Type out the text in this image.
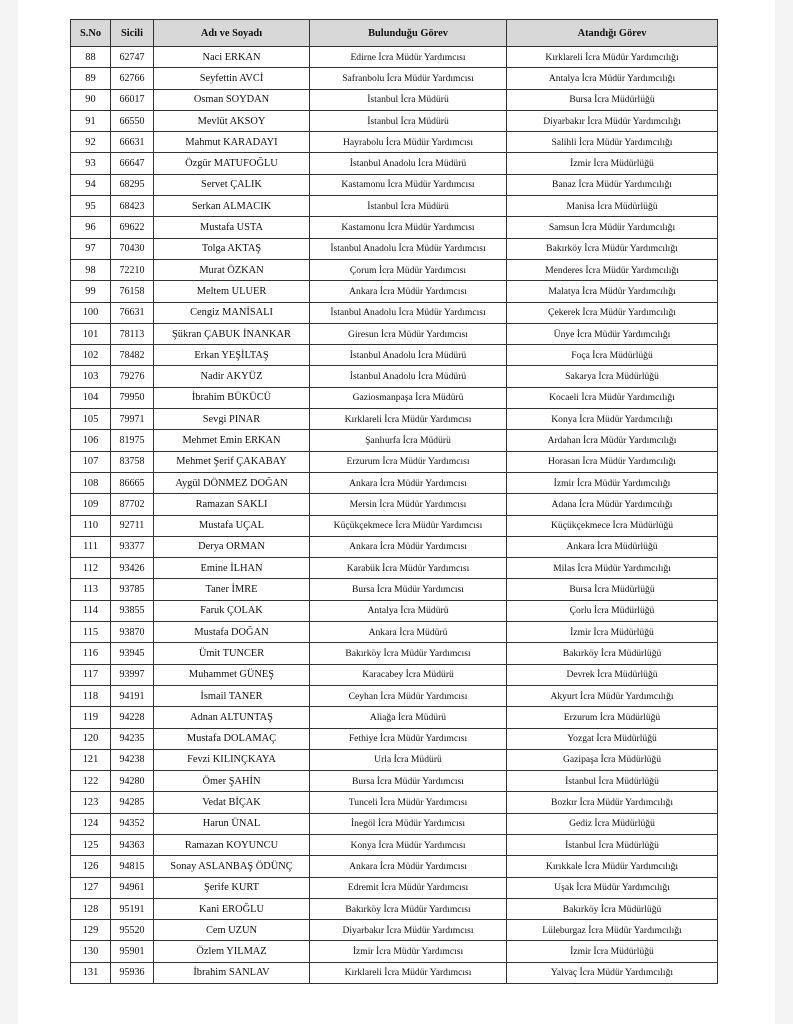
S.No	Sicili	Adı ve Soyadı	Bulunduğu Görev	Atandığı Görev
88	62747	Naci ERKAN	Edirne İcra Müdür Yardımcısı	Kırklareli İcra Müdür Yardımcılığı
89	62766	Seyfettin AVCİ	Safranbolu İcra Müdür Yardımcısı	Antalya İcra Müdür Yardımcılığı
90	66017	Osman SOYDAN	İstanbul İcra Müdürü	Bursa İcra Müdürlüğü
91	66550	Mevlüt AKSOY	İstanbul İcra Müdürü	Diyarbakır İcra Müdür Yardımcılığı
92	66631	Mahmut KARADAYI	Hayrabolu İcra Müdür Yardımcısı	Salihli İcra Müdür Yardımcılığı
93	66647	Özgür MATUFOĞLU	İstanbul Anadolu İcra Müdürü	İzmir İcra Müdürlüğü
94	68295	Servet ÇALIK	Kastamonu İcra Müdür Yardımcısı	Banaz İcra Müdür Yardımcılığı
95	68423	Serkan ALMACIK	İstanbul İcra Müdürü	Manisa İcra Müdürlüğü
96	69622	Mustafa USTA	Kastamonu İcra Müdür Yardımcısı	Samsun İcra Müdür Yardımcılığı
97	70430	Tolga AKTAŞ	İstanbul Anadolu İcra Müdür Yardımcısı	Bakırköy İcra Müdür Yardımcılığı
98	72210	Murat ÖZKAN	Çorum İcra Müdür Yardımcısı	Menderes İcra Müdür Yardımcılığı
99	76158	Meltem ULUER	Ankara İcra Müdür Yardımcısı	Malatya İcra Müdür Yardımcılığı
100	76631	Cengiz MANİSALI	İstanbul Anadolu İcra Müdür Yardımcısı	Çekerek İcra Müdür Yardımcılığı
101	78113	Şükran ÇABUK İNANKAR	Giresun İcra Müdür Yardımcısı	Ünye İcra Müdür Yardımcılığı
102	78482	Erkan YEŞİLTAŞ	İstanbul Anadolu İcra Müdürü	Foça İcra Müdürlüğü
103	79276	Nadir AKYÜZ	İstanbul Anadolu İcra Müdürü	Sakarya İcra Müdürlüğü
104	79950	İbrahim BÜKÜCÜ	Gaziosmanpaşa İcra Müdürü	Kocaeli İcra Müdür Yardımcılığı
105	79971	Sevgi PINAR	Kırklareli İcra Müdür Yardımcısı	Konya İcra Müdür Yardımcılığı
106	81975	Mehmet Emin ERKAN	Şanlıurfa İcra Müdürü	Ardahan İcra Müdür Yardımcılığı
107	83758	Mehmet Şerif ÇAKABAY	Erzurum İcra Müdür Yardımcısı	Horasan İcra Müdür Yardımcılığı
108	86665	Aygül DÖNMEZ DOĞAN	Ankara İcra Müdür Yardımcısı	İzmir İcra Müdür Yardımcılığı
109	87702	Ramazan SAKLI	Mersin İcra Müdür Yardımcısı	Adana İcra Müdür Yardımcılığı
110	92711	Mustafa UÇAL	Küçükçekmece İcra Müdür Yardımcısı	Küçükçekmece İcra Müdürlüğü
111	93377	Derya ORMAN	Ankara İcra Müdür Yardımcısı	Ankara İcra Müdürlüğü
112	93426	Emine İLHAN	Karabük İcra Müdür Yardımcısı	Milas İcra Müdür Yardımcılığı
113	93785	Taner İMRE	Bursa İcra Müdür Yardımcısı	Bursa İcra Müdürlüğü
114	93855	Faruk ÇOLAK	Antalya İcra Müdürü	Çorlu İcra Müdürlüğü
115	93870	Mustafa DOĞAN	Ankara İcra Müdürü	İzmir İcra Müdürlüğü
116	93945	Ümit TUNCER	Bakırköy İcra Müdür Yardımcısı	Bakırköy İcra Müdürlüğü
117	93997	Muhammet GÜNEŞ	Karacabey İcra Müdürü	Devrek İcra Müdürlüğü
118	94191	İsmail TANER	Ceyhan İcra Müdür Yardımcısı	Akyurt İcra Müdür Yardımcılığı
119	94228	Adnan ALTUNTAŞ	Aliağa İcra Müdürü	Erzurum İcra Müdürlüğü
120	94235	Mustafa DOLAMAÇ	Fethiye İcra Müdür Yardımcısı	Yozgat İcra Müdürlüğü
121	94238	Fevzi KILINÇKAYA	Urla İcra Müdürü	Gazipaşa İcra Müdürlüğü
122	94280	Ömer ŞAHİN	Bursa İcra Müdür Yardımcısı	İstanbul İcra Müdürlüğü
123	94285	Vedat BİÇAK	Tunceli İcra Müdür Yardımcısı	Bozkır İcra Müdür Yardımcılığı
124	94352	Harun ÜNAL	İnegöl İcra Müdür Yardımcısı	Gediz İcra Müdürlüğü
125	94363	Ramazan KOYUNCU	Konya İcra Müdür Yardımcısı	İstanbul İcra Müdürlüğü
126	94815	Sonay ASLANBAŞ ÖDÜNÇ	Ankara İcra Müdür Yardımcısı	Kırıkkale İcra Müdür Yardımcılığı
127	94961	Şerife KURT	Edremit İcra Müdür Yardımcısı	Uşak İcra Müdür Yardımcılığı
128	95191	Kani EROĞLU	Bakırköy İcra Müdür Yardımcısı	Bakırköy İcra Müdürlüğü
129	95520	Cem UZUN	Diyarbakır İcra Müdür Yardımcısı	Lüleburgaz İcra Müdür Yardımcılığı
130	95901	Özlem YILMAZ	İzmir İcra Müdür Yardımcısı	İzmir İcra Müdürlüğü
131	95936	İbrahim SANLAV	Kırklareli İcra Müdür Yardımcısı	Yalvaç İcra Müdür Yardımcılığı
